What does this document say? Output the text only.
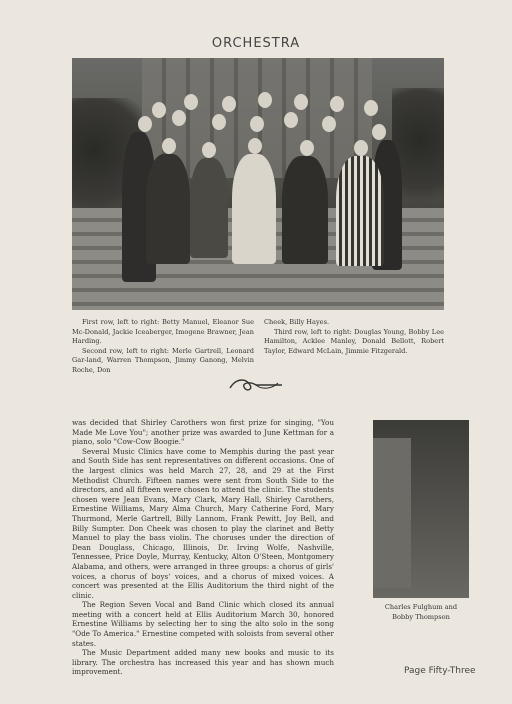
ORCHESTRA

First row, left to right: Betty Manuel, Eleanor Sue Mc-Donald, Jackie Iceaberger, Imogene Brawner, Jean Harding.

Second row, left to right: Merle Gartrell, Leonard Gar-land, Warren Thompson, Jimmy Ganong, Melvin Roche, Don

Cheek, Billy Hayes.

Third row, left to right: Douglas Young, Bobby Lee Hamilton, Acklee Manley, Donald Bellott, Robert Taylor, Edward McLain, Jimmie Fitzgerald.

was decided that Shirley Carothers won first prize for singing, "You Made Me Love You"; another prize was awarded to June Kettman for a piano, solo "Cow-Cow Boogie."

Several Music Clinics have come to Memphis during the past year and South Side has sent representatives on different occasions. One of the largest clinics was held March 27, 28, and 29 at the First Methodist Church. Fifteen names were sent from South Side to the directors, and all fifteen were chosen to attend the clinic. The students chosen were Jean Evans, Mary Clark, Mary Hall, Shirley Carothers, Ernestine Williams, Mary Alma Church, Mary Catherine Ford, Mary Thurmond, Merle Gartrell, Billy Lannom, Frank Pewitt, Joy Bell, and Billy Sumpter. Don Cheek was chosen to play the clarinet and Betty Manuel to play the bass violin. The choruses under the direction of Dean Douglass, Chicago, Illinois, Dr. Irving Wolfe, Nashville, Tennessee, Price Doyle, Murray, Kentucky, Alton O'Steen, Montgomery Alabama, and others, were arranged in three groups: a chorus of girls' voices, a chorus of boys' voices, and a chorus of mixed voices. A concert was presented at the Ellis Auditorium the third night of the clinic.

The Region Seven Vocal and Band Clinic which closed its annual meeting with a concert held at Ellis Auditorium March 30, honored Ernestine Williams by selecting her to sing the alto solo in the song "Ode To America." Ernestine competed with soloists from several other states.

The Music Department added many new books and music to its library. The orchestra has increased this year and has shown much improvement.

Charles Fulghum and
Bobby Thompson
Page Fifty-Three
